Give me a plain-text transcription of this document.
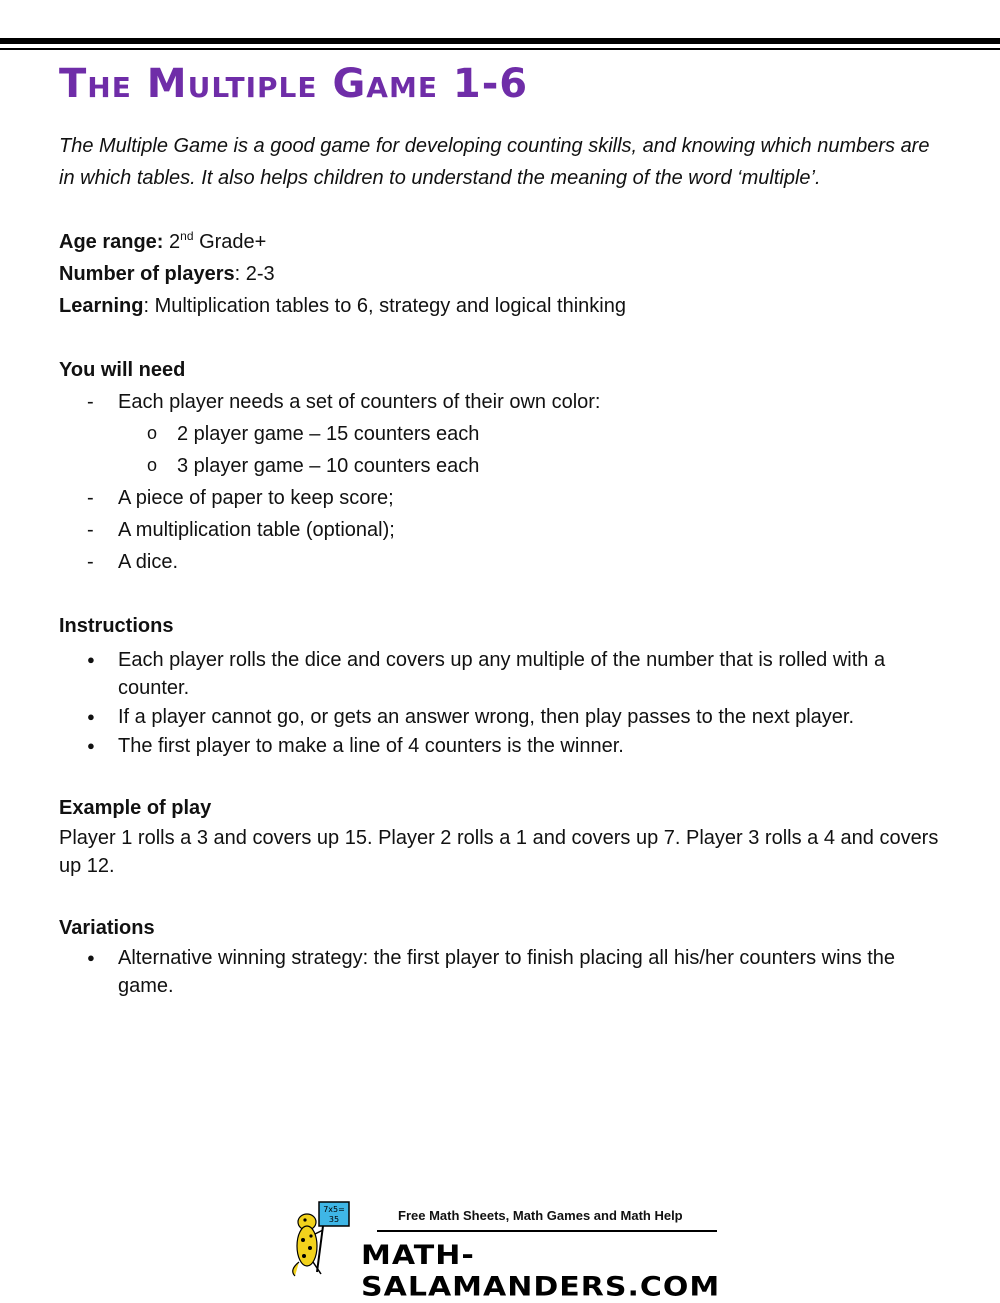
The Multiple Game 1-6

The Multiple Game is a good game for developing counting skills, and knowing which numbers are in which tables. It also helps children to understand the meaning of the word ‘multiple’.

Age range: 2nd Grade+

Number of players: 2-3

Learning: Multiplication tables to 6, strategy and logical thinking

You will need
- Each player needs a set of counters of their own color:
o 2 player game – 15 counters each
o 3 player game – 10 counters each
- A piece of paper to keep score;
- A multiplication table (optional);
- A dice.
Instructions
● Each player rolls the dice and covers up any multiple of the number that is rolled with a counter.
● If a player cannot go, or gets an answer wrong, then play passes to the next player.
● The first player to make a line of 4 counters is the winner.
Example of play

Player 1 rolls a 3 and covers up 15. Player 2 rolls a 1 and covers up 7. Player 3 rolls a 4 and covers up 12.

Variations
● Alternative winning strategy: the first player to finish placing all his/her counters wins the game.
7x5=
35	Free Math Sheets, Math Games and Math Help
MATH-SALAMANDERS.COM
